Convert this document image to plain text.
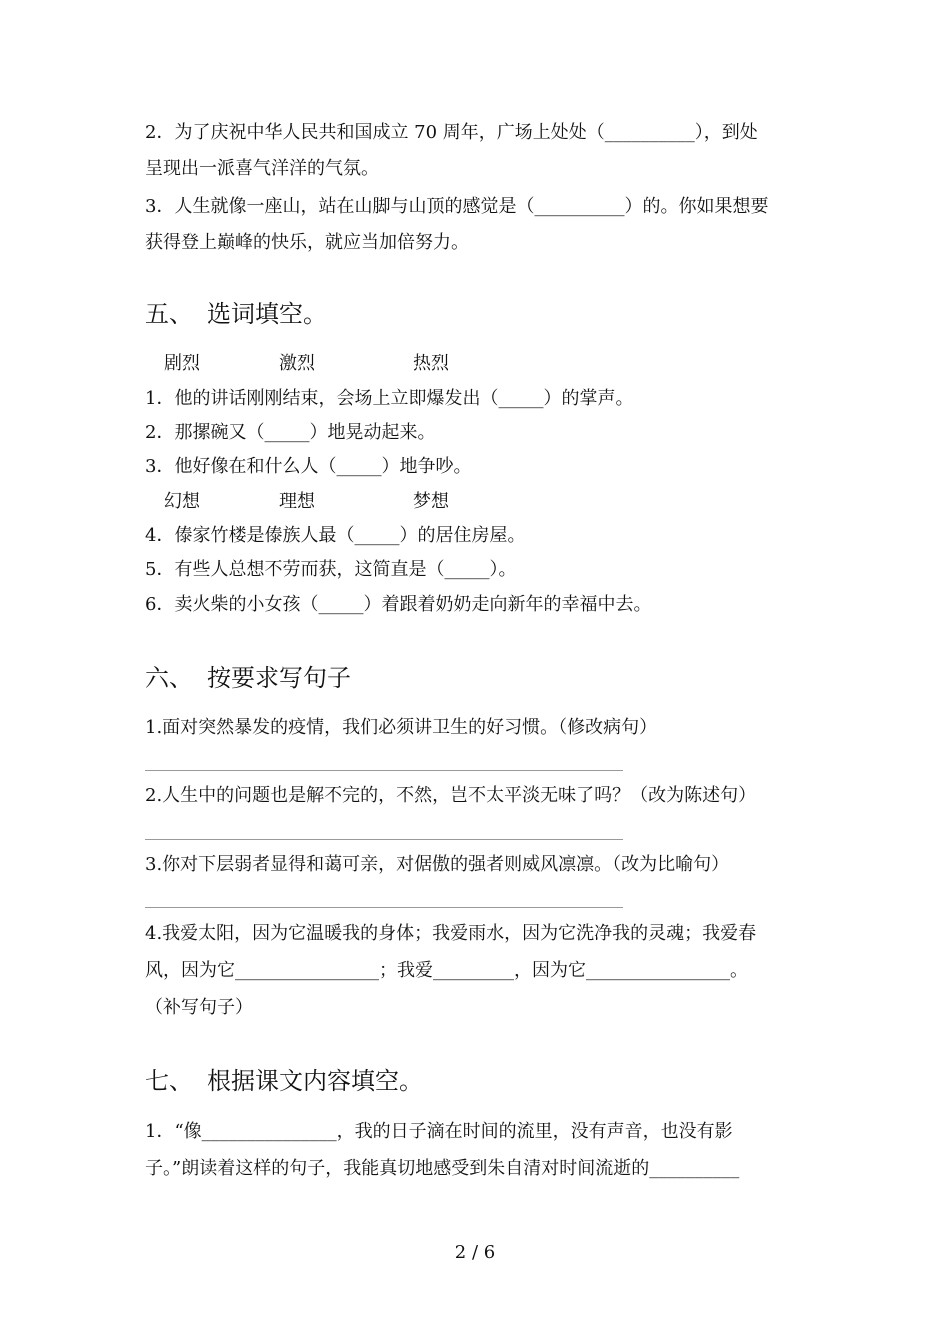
2．为了庆祝中华人民共和国成立 70 周年，广场上处处（__________），到处
呈现出一派喜气洋洋的气氛。
3．人生就像一座山，站在山脚与山顶的感觉是（__________）的。你如果想要
获得登上巅峰的快乐，就应当加倍努力。
五、 选词填空。
剧烈	激烈	热烈
1．他的讲话刚刚结束，会场上立即爆发出（_____）的掌声。
2．那摞碗又（_____）地晃动起来。
3．他好像在和什么人（_____）地争吵。
幻想	理想	梦想
4．傣家竹楼是傣族人最（_____）的居住房屋。
5．有些人总想不劳而获，这简直是（_____）。
6．卖火柴的小女孩（_____）着跟着奶奶走向新年的幸福中去。
六、 按要求写句子
1.面对突然暴发的疫情，我们必须讲卫生的好习惯。（修改病句）
2.人生中的问题也是解不完的，不然，岂不太平淡无味了吗？（改为陈述句）
3.你对下层弱者显得和蔼可亲，对倨傲的强者则威风凛凛。（改为比喻句）
4.我爱太阳，因为它温暖我的身体；我爱雨水，因为它洗净我的灵魂；我爱春
风，因为它________________；我爱_________，因为它________________。
（补写句子）
七、 根据课文内容填空。
1．“像_______________，我的日子滴在时间的流里，没有声音，也没有影
子。”朗读着这样的句子，我能真切地感受到朱自清对时间流逝的__________
2 / 6
